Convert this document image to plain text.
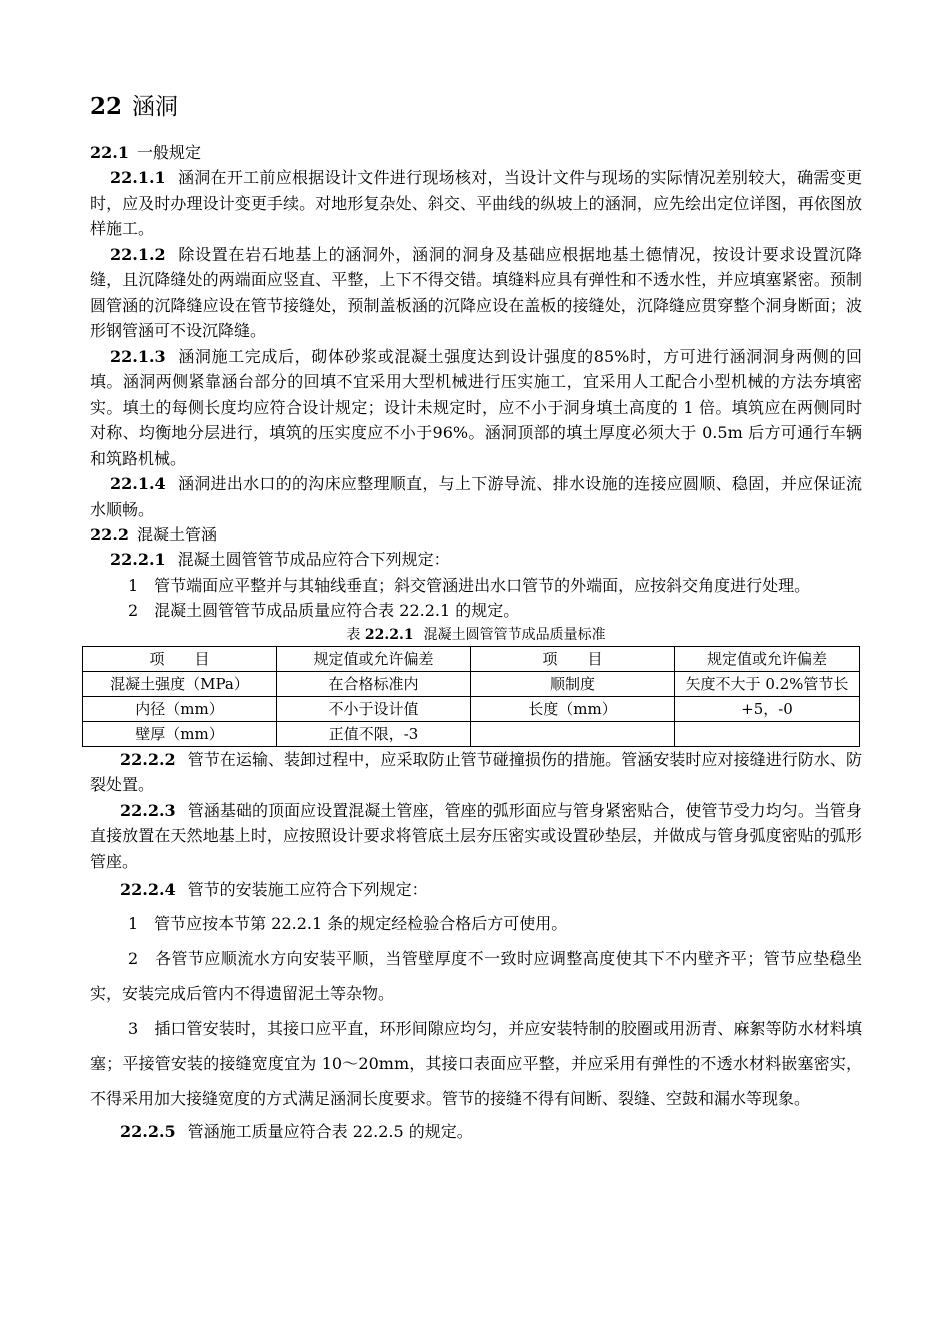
22 涵洞
22.1 一般规定

22.1.1 涵洞在开工前应根据设计文件进行现场核对，当设计文件与现场的实际情况差别较大，确需变更时，应及时办理设计变更手续。对地形复杂处、斜交、平曲线的纵坡上的涵洞，应先绘出定位详图，再依图放样施工。

22.1.2 除设置在岩石地基上的涵洞外，涵洞的洞身及基础应根据地基土德情况，按设计要求设置沉降缝，且沉降缝处的两端面应竖直、平整，上下不得交错。填缝料应具有弹性和不透水性，并应填塞紧密。预制圆管涵的沉降缝应设在管节接缝处，预制盖板涵的沉降应设在盖板的接缝处，沉降缝应贯穿整个洞身断面；波形钢管涵可不设沉降缝。

22.1.3 涵洞施工完成后，砌体砂浆或混凝土强度达到设计强度的85%时，方可进行涵洞洞身两侧的回填。涵洞两侧紧靠涵台部分的回填不宜采用大型机械进行压实施工，宜采用人工配合小型机械的方法夯填密实。填土的每侧长度均应符合设计规定；设计未规定时，应不小于洞身填土高度的 1 倍。填筑应在两侧同时对称、均衡地分层进行，填筑的压实度应不小于96%。涵洞顶部的填土厚度必须大于 0.5m 后方可通行车辆和筑路机械。

22.1.4 涵洞进出水口的的沟床应整理顺直，与上下游导流、排水设施的连接应圆顺、稳固，并应保证流水顺畅。

22.2 混凝土管涵

22.2.1 混凝土圆管管节成品应符合下列规定：

1　管节端面应平整并与其轴线垂直；斜交管涵进出水口管节的外端面，应按斜交角度进行处理。

2　混凝土圆管管节成品质量应符合表 22.2.1 的规定。

表 22.2.1 混凝土圆管管节成品质量标准
项　　目	规定值或允许偏差	项　　目	规定值或允许偏差
混凝土强度（MPa）	在合格标准内	顺制度	矢度不大于 0.2%管节长
内径（mm）	不小于设计值	长度（mm）	+5，-0
壁厚（mm）	正值不限，-3		

22.2.2 管节在运输、装卸过程中，应采取防止管节碰撞损伤的措施。管涵安装时应对接缝进行防水、防裂处置。

22.2.3 管涵基础的顶面应设置混凝土管座，管座的弧形面应与管身紧密贴合，使管节受力均匀。当管身直接放置在天然地基上时，应按照设计要求将管底土层夯压密实或设置砂垫层，并做成与管身弧度密贴的弧形管座。

22.2.4 管节的安装施工应符合下列规定：

1　管节应按本节第 22.2.1 条的规定经检验合格后方可使用。

2　各管节应顺流水方向安装平顺，当管壁厚度不一致时应调整高度使其下不内壁齐平；管节应垫稳坐实，安装完成后管内不得遗留泥土等杂物。

3　插口管安装时，其接口应平直，环形间隙应均匀，并应安装特制的胶圈或用沥青、麻絮等防水材料填塞；平接管安装的接缝宽度宜为 10～20mm，其接口表面应平整，并应采用有弹性的不透水材料嵌塞密实，不得采用加大接缝宽度的方式满足涵洞长度要求。管节的接缝不得有间断、裂缝、空鼓和漏水等现象。

22.2.5 管涵施工质量应符合表 22.2.5 的规定。
